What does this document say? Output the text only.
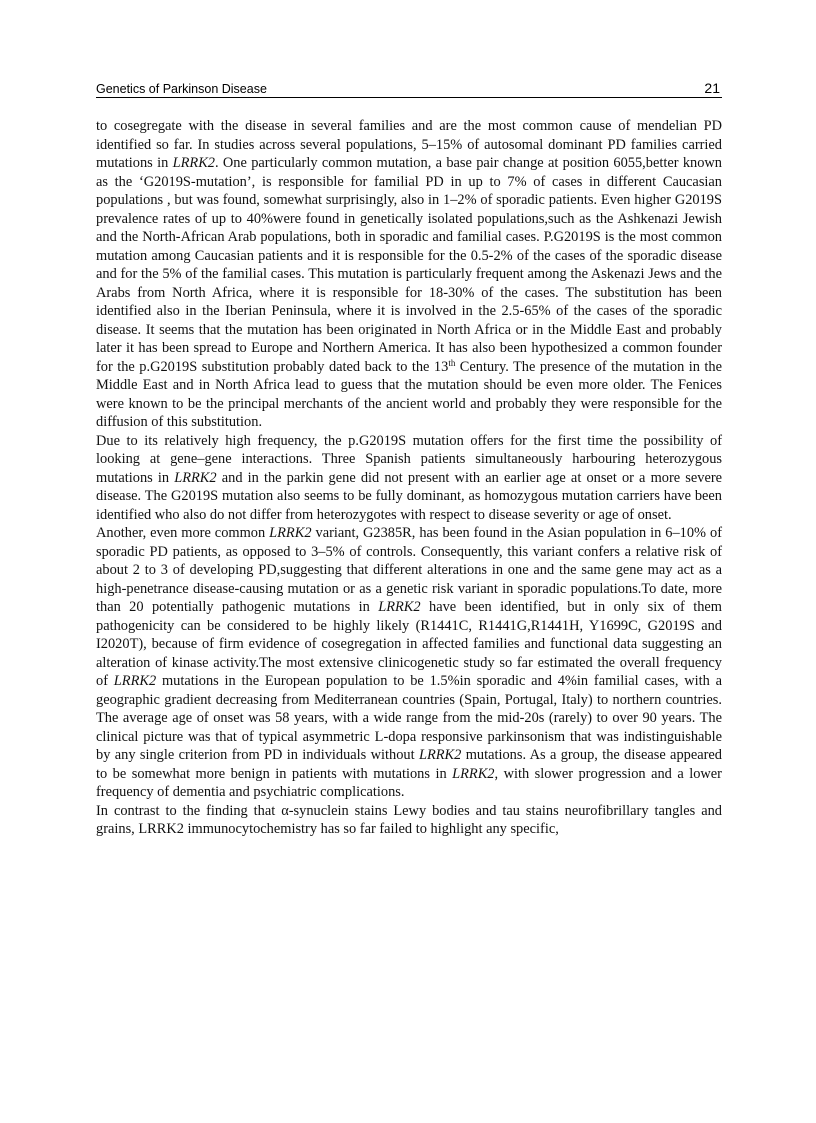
Genetics of Parkinson Disease	21

to cosegregate with the disease in several families and are the most common cause of mendelian PD identified so far. In studies across several populations, 5–15% of autosomal dominant PD families carried mutations in LRRK2. One particularly common mutation, a base pair change at position 6055,better known as the ‘G2019S-mutation’, is responsible for familial PD in up to 7% of cases in different Caucasian populations , but was found, somewhat surprisingly, also in 1–2% of sporadic patients. Even higher G2019S prevalence rates of up to 40%were found in genetically isolated populations,such as the Ashkenazi Jewish and the North-African Arab populations, both in sporadic and familial cases. P.G2019S is the most common mutation among Caucasian patients and it is responsible for the 0.5-2% of the cases of the sporadic disease and for the 5% of the familial cases. This mutation is particularly frequent among the Askenazi Jews and the Arabs from North Africa, where it is responsible for 18-30% of the cases. The substitution has been identified also in the Iberian Peninsula, where it is involved in the 2.5-65% of the cases of the sporadic disease. It seems that the mutation has been originated in North Africa or in the Middle East and probably later it has been spread to Europe and Northern America. It has also been hypothesized a common founder for the p.G2019S substitution probably dated back to the 13th Century. The presence of the mutation in the Middle East and in North Africa lead to guess that the mutation should be even more older. The Fenices were known to be the principal merchants of the ancient world and probably they were responsible for the diffusion of this substitution.

Due to its relatively high frequency, the p.G2019S mutation offers for the first time the possibility of looking at gene–gene interactions. Three Spanish patients simultaneously harbouring heterozygous mutations in LRRK2 and in the parkin gene did not present with an earlier age at onset or a more severe disease. The G2019S mutation also seems to be fully dominant, as homozygous mutation carriers have been identified who also do not differ from heterozygotes with respect to disease severity or age of onset.

Another, even more common LRRK2 variant, G2385R, has been found in the Asian population in 6–10% of sporadic PD patients, as opposed to 3–5% of controls. Consequently, this variant confers a relative risk of about 2 to 3 of developing PD,suggesting that different alterations in one and the same gene may act as a high-penetrance disease-causing mutation or as a genetic risk variant in sporadic populations.To date, more than 20 potentially pathogenic mutations in LRRK2 have been identified, but in only six of them pathogenicity can be considered to be highly likely (R1441C, R1441G,R1441H, Y1699C, G2019S and I2020T), because of firm evidence of cosegregation in affected families and functional data suggesting an alteration of kinase activity.The most extensive clinicogenetic study so far estimated the overall frequency of LRRK2 mutations in the European population to be 1.5%in sporadic and 4%in familial cases, with a geographic gradient decreasing from Mediterranean countries (Spain, Portugal, Italy) to northern countries. The average age of onset was 58 years, with a wide range from the mid-20s (rarely) to over 90 years. The clinical picture was that of typical asymmetric L-dopa responsive parkinsonism that was indistinguishable by any single criterion from PD in individuals without LRRK2 mutations. As a group, the disease appeared to be somewhat more benign in patients with mutations in LRRK2, with slower progression and a lower frequency of dementia and psychiatric complications.

In contrast to the finding that α-synuclein stains Lewy bodies and tau stains neurofibrillary tangles and grains, LRRK2 immunocytochemistry has so far failed to highlight any specific,
